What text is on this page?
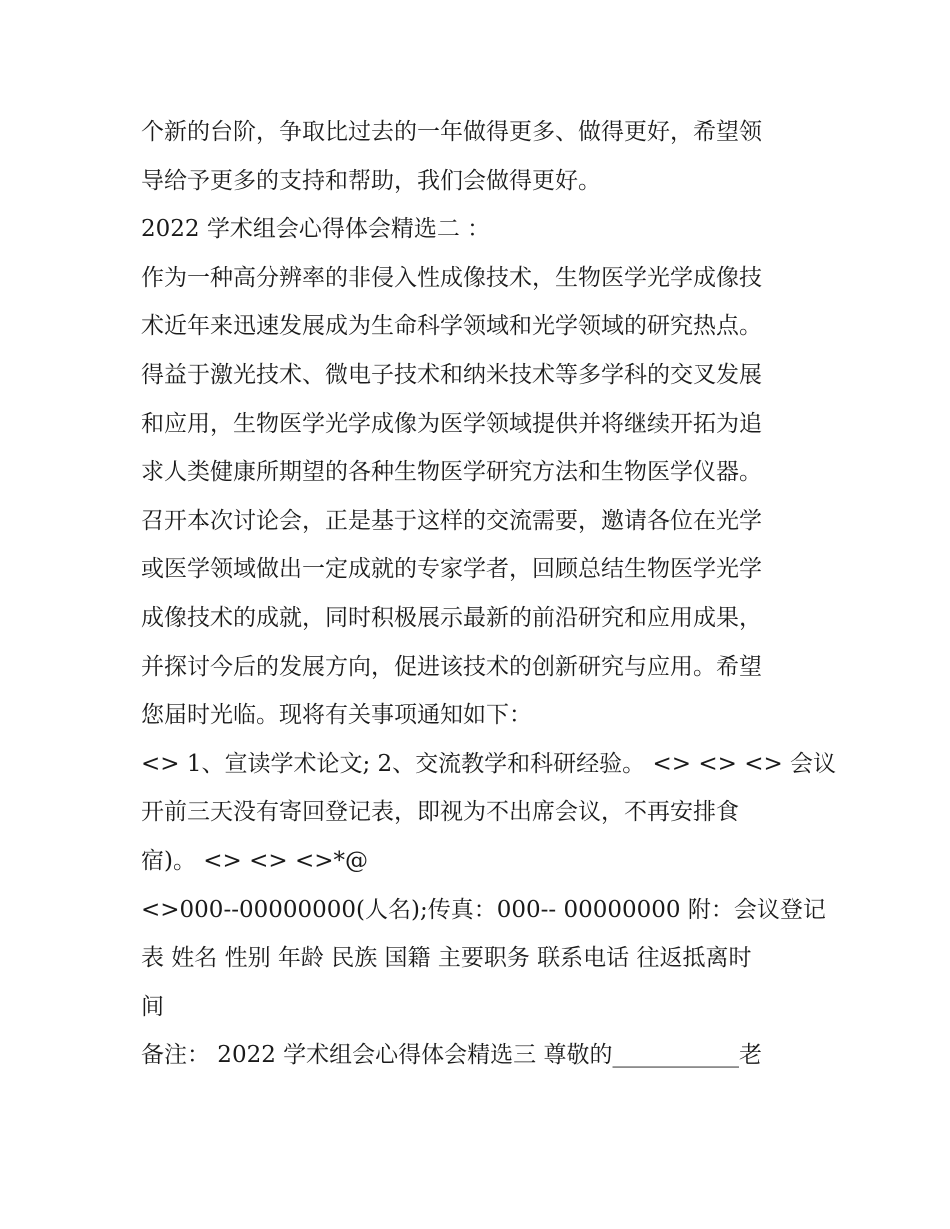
个新的台阶，争取比过去的一年做得更多、做得更好，希望领
导给予更多的支持和帮助，我们会做得更好。
2022 学术组会心得体会精选二 ：
作为一种高分辨率的非侵入性成像技术，生物医学光学成像技
术近年来迅速发展成为生命科学领域和光学领域的研究热点。
得益于激光技术、微电子技术和纳米技术等多学科的交叉发展
和应用，生物医学光学成像为医学领域提供并将继续开拓为追
求人类健康所期望的各种生物医学研究方法和生物医学仪器。
召开本次讨论会，正是基于这样的交流需要，邀请各位在光学
或医学领域做出一定成就的专家学者，回顾总结生物医学光学
成像技术的成就，同时积极展示最新的前沿研究和应用成果，
并探讨今后的发展方向，促进该技术的创新研究与应用。希望
您届时光临。现将有关事项通知如下：
<> 1、宣读学术论文; 2、交流教学和科研经验。 <> <> <> 会议
开前三天没有寄回登记表，即视为不出席会议，不再安排食
宿)。 <> <> <>*@
<>000--00000000(人名);传真：000-- 00000000 附：会议登记
表 姓名 性别 年龄 民族 国籍 主要职务 联系电话 往返抵离时
间
备注： 2022 学术组会心得体会精选三 尊敬的___________老
